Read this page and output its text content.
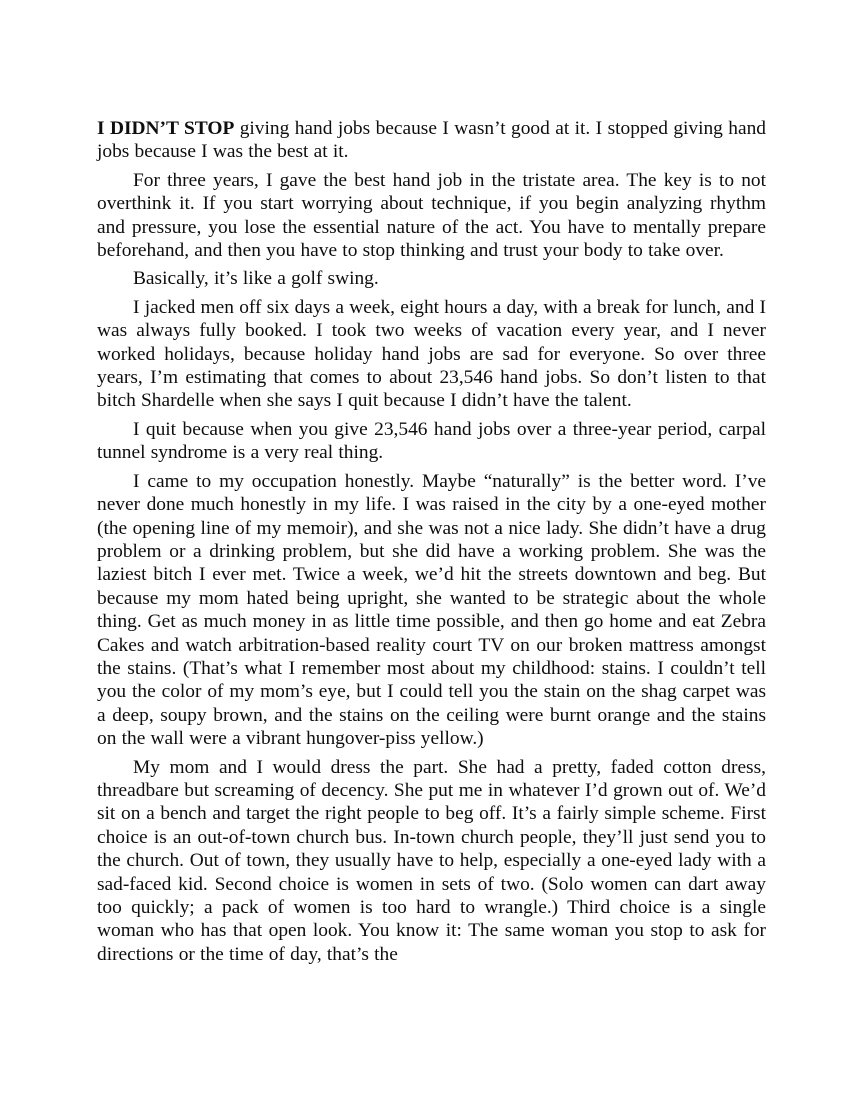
I DIDN’T STOP giving hand jobs because I wasn’t good at it. I stopped giving hand jobs because I was the best at it.

For three years, I gave the best hand job in the tristate area. The key is to not overthink it. If you start worrying about technique, if you begin analyzing rhythm and pressure, you lose the essential nature of the act. You have to mentally prepare beforehand, and then you have to stop thinking and trust your body to take over.

Basically, it’s like a golf swing.

I jacked men off six days a week, eight hours a day, with a break for lunch, and I was always fully booked. I took two weeks of vacation every year, and I never worked holidays, because holiday hand jobs are sad for everyone. So over three years, I’m estimating that comes to about 23,546 hand jobs. So don’t listen to that bitch Shardelle when she says I quit because I didn’t have the talent.

I quit because when you give 23,546 hand jobs over a three-year period, carpal tunnel syndrome is a very real thing.

I came to my occupation honestly. Maybe “naturally” is the better word. I’ve never done much honestly in my life. I was raised in the city by a one-eyed mother (the opening line of my memoir), and she was not a nice lady. She didn’t have a drug problem or a drinking problem, but she did have a working problem. She was the laziest bitch I ever met. Twice a week, we’d hit the streets downtown and beg. But because my mom hated being upright, she wanted to be strategic about the whole thing. Get as much money in as little time possible, and then go home and eat Zebra Cakes and watch arbitration-based reality court TV on our broken mattress amongst the stains. (That’s what I remember most about my childhood: stains. I couldn’t tell you the color of my mom’s eye, but I could tell you the stain on the shag carpet was a deep, soupy brown, and the stains on the ceiling were burnt orange and the stains on the wall were a vibrant hungover-piss yellow.)

My mom and I would dress the part. She had a pretty, faded cotton dress, threadbare but screaming of decency. She put me in whatever I’d grown out of. We’d sit on a bench and target the right people to beg off. It’s a fairly simple scheme. First choice is an out-of-town church bus. In-town church people, they’ll just send you to the church. Out of town, they usually have to help, especially a one-eyed lady with a sad-faced kid. Second choice is women in sets of two. (Solo women can dart away too quickly; a pack of women is too hard to wrangle.) Third choice is a single woman who has that open look. You know it: The same woman you stop to ask for directions or the time of day, that’s the
